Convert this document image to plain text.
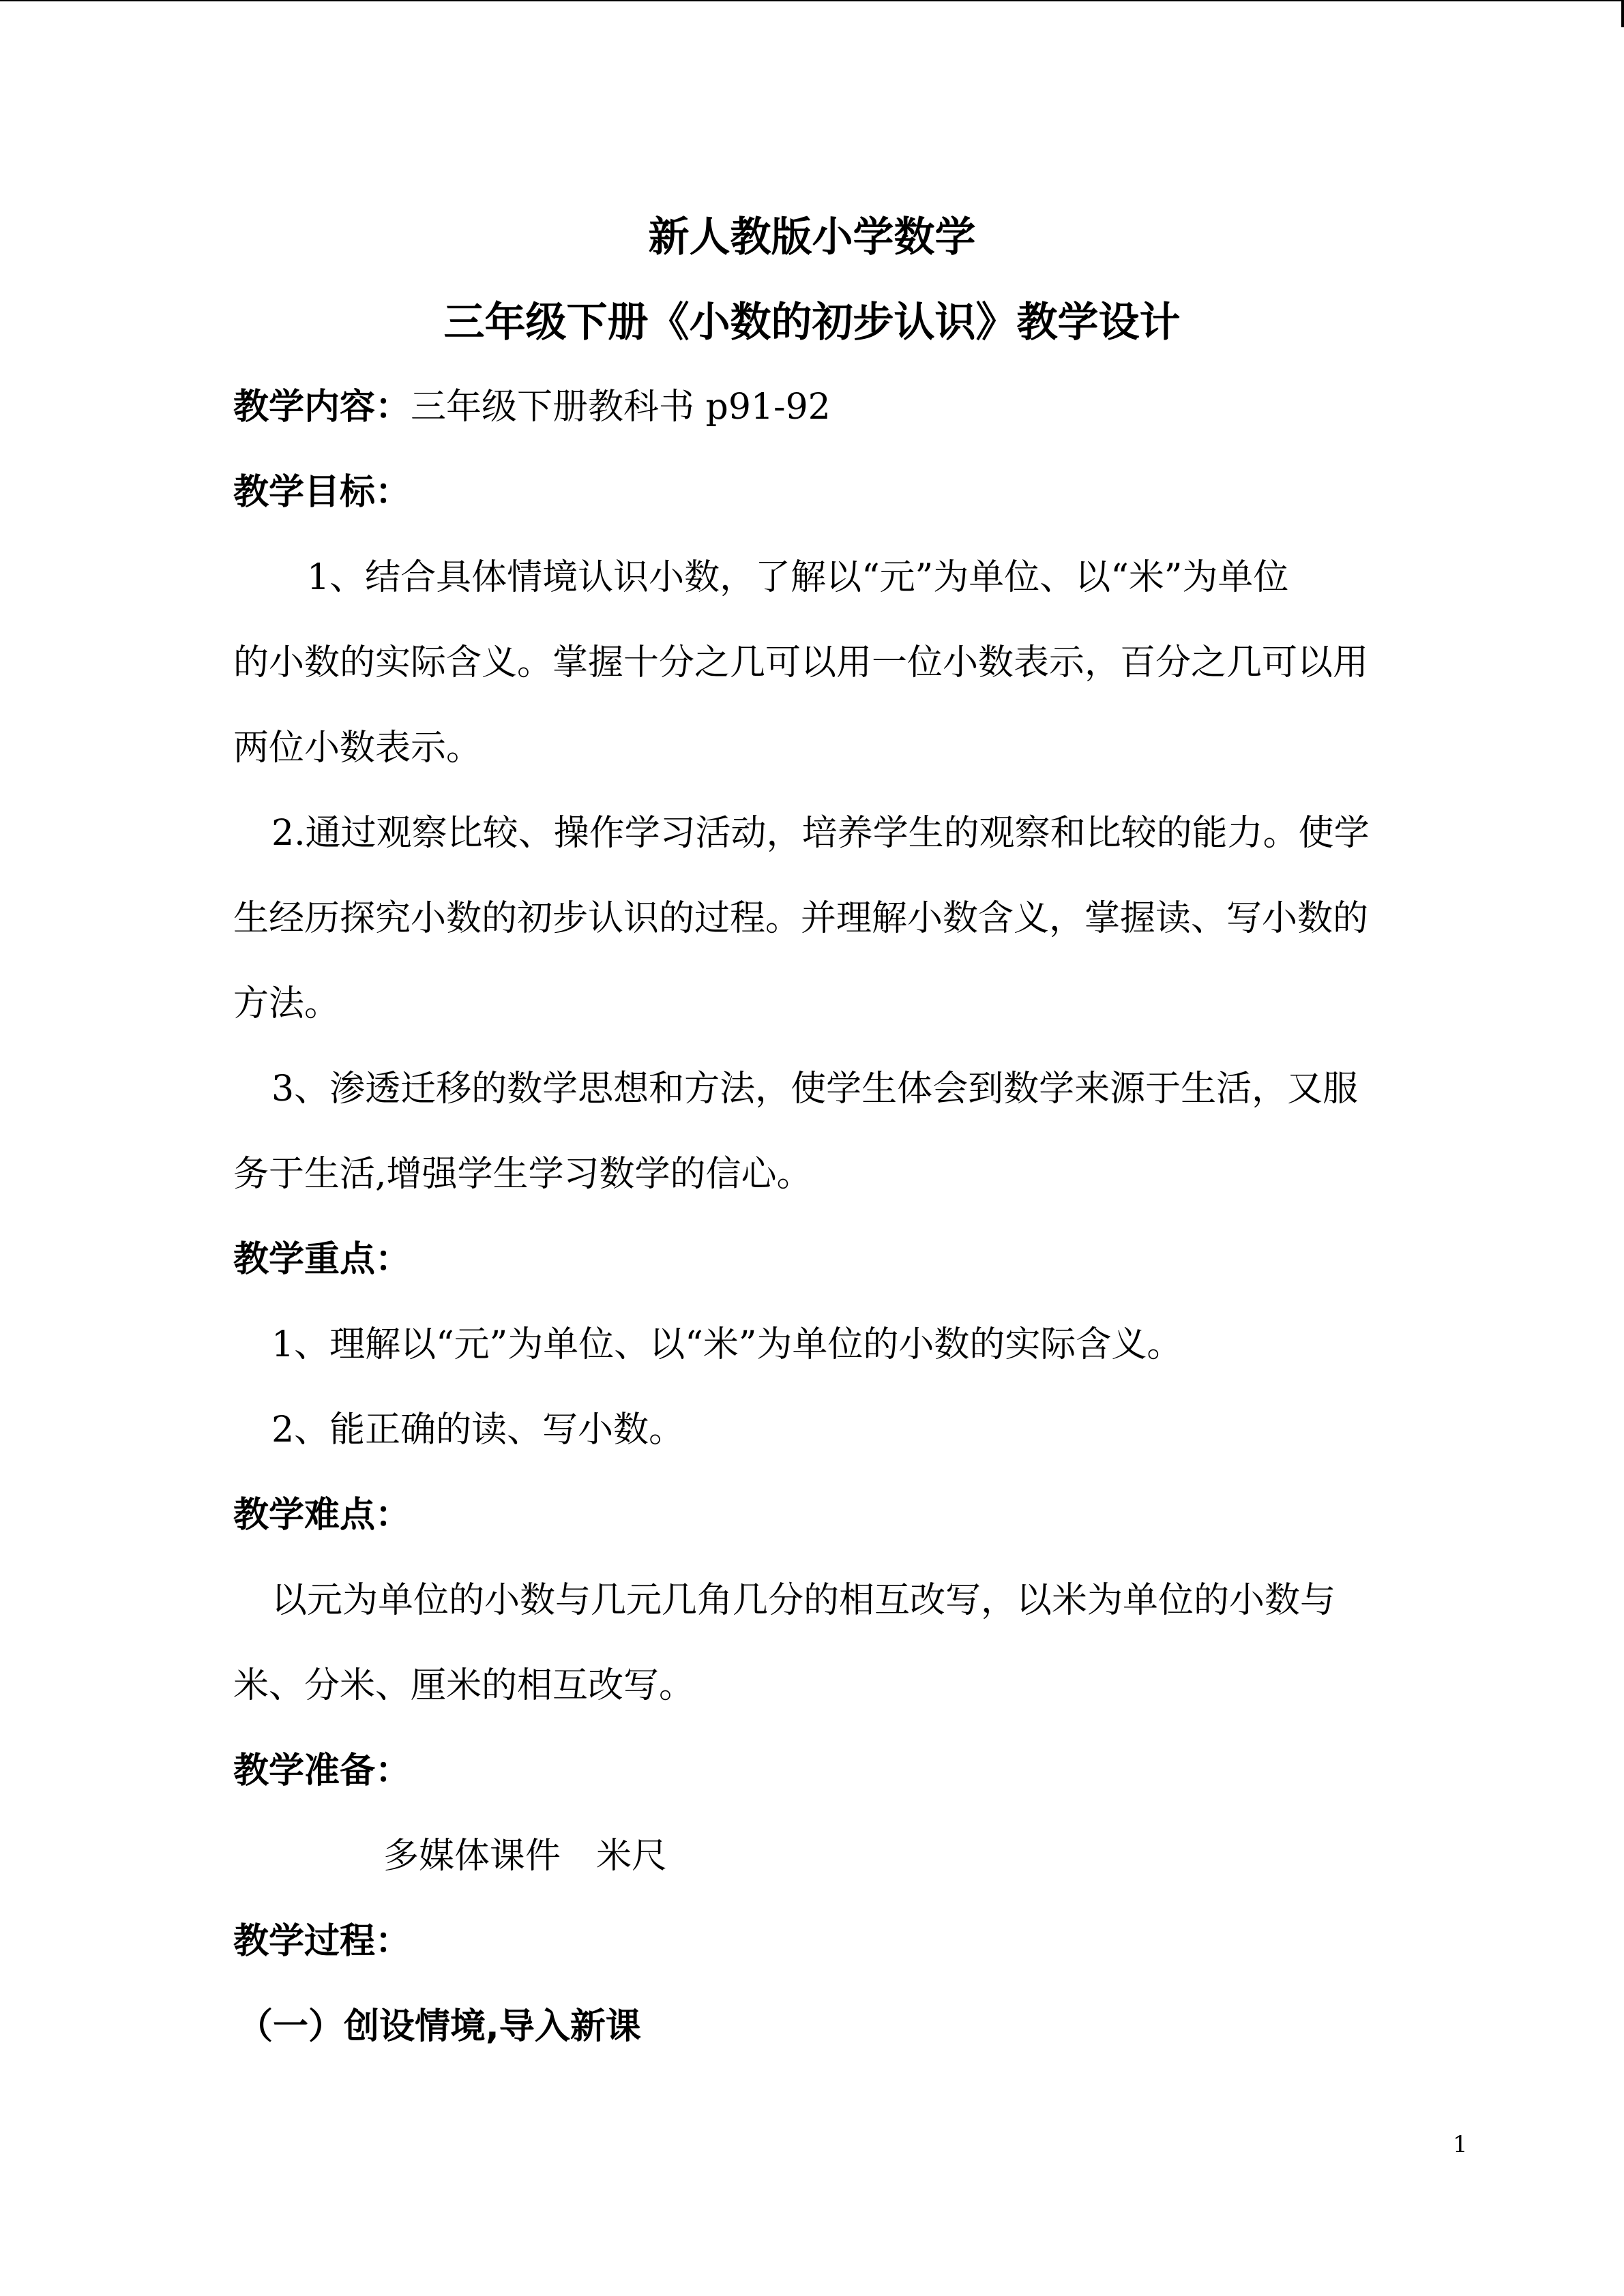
新人教版小学数学
三年级下册《小数的初步认识》教学设计
教学内容：三年级下册教科书 p91-92
教学目标：
1、结合具体情境认识小数，了解以“元”为单位、以“米”为单位
的小数的实际含义。掌握十分之几可以用一位小数表示，百分之几可以用
两位小数表示。
2.通过观察比较、操作学习活动，培养学生的观察和比较的能力。使学
生经历探究小数的初步认识的过程。并理解小数含义，掌握读、写小数的
方法。
3、渗透迁移的数学思想和方法，使学生体会到数学来源于生活，又服
务于生活,增强学生学习数学的信心。
教学重点：
1、理解以“元”为单位、以“米”为单位的小数的实际含义。
2、能正确的读、写小数。
教学难点：
以元为单位的小数与几元几角几分的相互改写，以米为单位的小数与
米、分米、厘米的相互改写。
教学准备：
多媒体课件　米尺
教学过程：
（一）创设情境,导入新课
1
